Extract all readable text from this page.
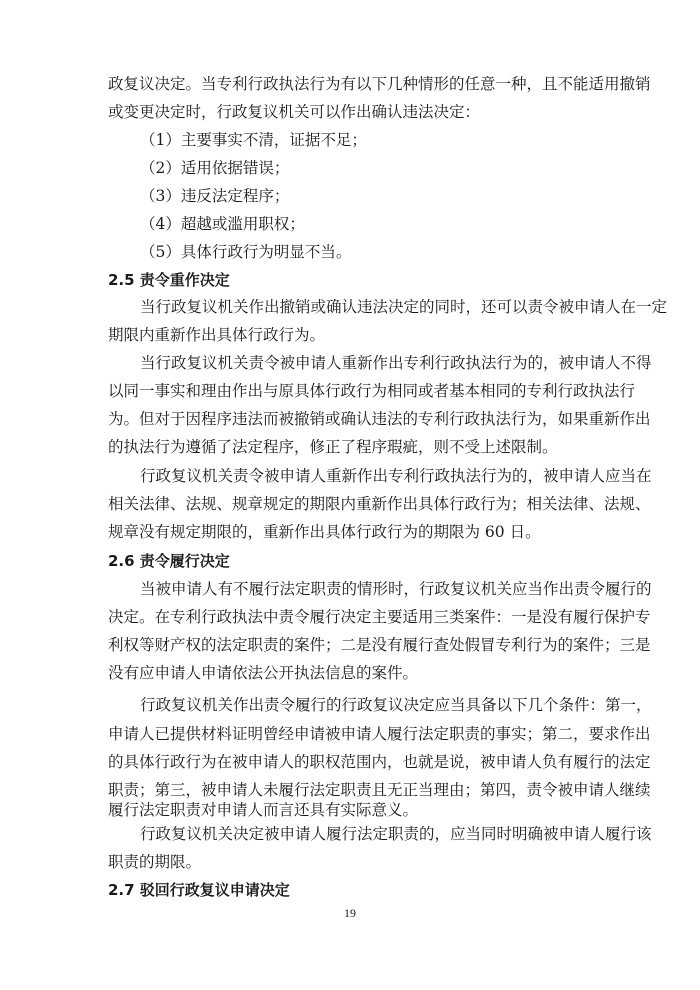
政复议决定。当专利行政执法行为有以下几种情形的任意一种，且不能适用撤销
或变更决定时，行政复议机关可以作出确认违法决定：
（1）主要事实不清，证据不足；
（2）适用依据错误；
（3）违反法定程序；
（4）超越或滥用职权；
（5）具体行政行为明显不当。
2.5 责令重作决定
当行政复议机关作出撤销或确认违法决定的同时，还可以责令被申请人在一定
期限内重新作出具体行政行为。
当行政复议机关责令被申请人重新作出专利行政执法行为的，被申请人不得
以同一事实和理由作出与原具体行政行为相同或者基本相同的专利行政执法行
为。但对于因程序违法而被撤销或确认违法的专利行政执法行为，如果重新作出
的执法行为遵循了法定程序，修正了程序瑕疵，则不受上述限制。
行政复议机关责令被申请人重新作出专利行政执法行为的，被申请人应当在
相关法律、法规、规章规定的期限内重新作出具体行政行为；相关法律、法规、
规章没有规定期限的，重新作出具体行政行为的期限为 60 日。
2.6 责令履行决定
当被申请人有不履行法定职责的情形时，行政复议机关应当作出责令履行的
决定。在专利行政执法中责令履行决定主要适用三类案件：一是没有履行保护专
利权等财产权的法定职责的案件；二是没有履行查处假冒专利行为的案件；三是
没有应申请人申请依法公开执法信息的案件。
行政复议机关作出责令履行的行政复议决定应当具备以下几个条件：第一，
申请人已提供材料证明曾经申请被申请人履行法定职责的事实；第二，要求作出
的具体行政行为在被申请人的职权范围内，也就是说，被申请人负有履行的法定
职责；第三，被申请人未履行法定职责且无正当理由；第四，责令被申请人继续
履行法定职责对申请人而言还具有实际意义。
行政复议机关决定被申请人履行法定职责的，应当同时明确被申请人履行该
职责的期限。
2.7 驳回行政复议申请决定
19
